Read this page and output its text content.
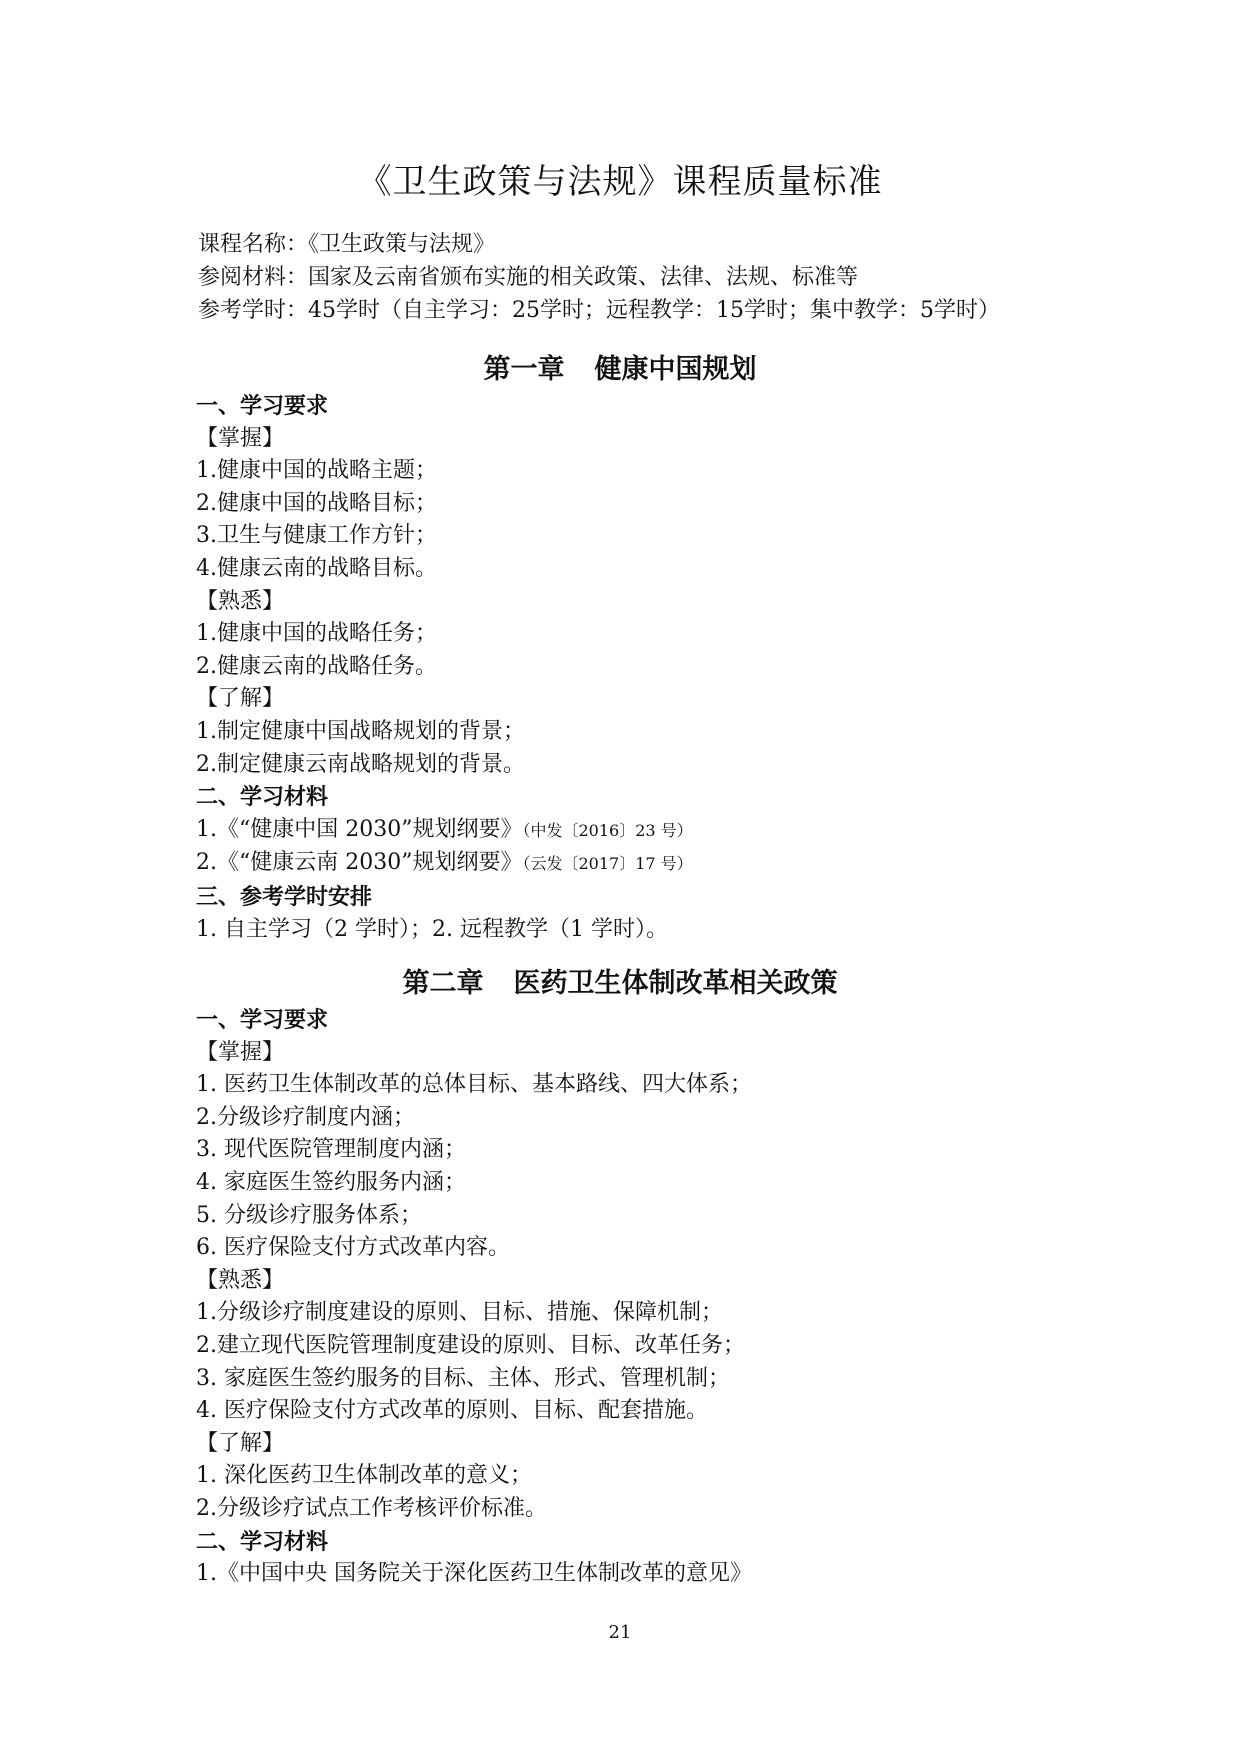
《卫生政策与法规》课程质量标准
课程名称：《卫生政策与法规》
参阅材料：国家及云南省颁布实施的相关政策、法律、法规、标准等
参考学时：45学时（自主学习：25学时；远程教学：15学时；集中教学：5学时）
第一章 健康中国规划
一、学习要求
【掌握】
1.健康中国的战略主题；
2.健康中国的战略目标；
3.卫生与健康工作方针；
4.健康云南的战略目标。
【熟悉】
1.健康中国的战略任务；
2.健康云南的战略任务。
【了解】
1.制定健康中国战略规划的背景；
2.制定健康云南战略规划的背景。
二、学习材料
1.《“健康中国 2030”规划纲要》（中发〔2016〕23 号）
2.《“健康云南 2030”规划纲要》（云发〔2017〕17 号）
三、参考学时安排
1. 自主学习（2 学时）；2. 远程教学（1 学时）。
第二章 医药卫生体制改革相关政策
一、学习要求
【掌握】
1. 医药卫生体制改革的总体目标、基本路线、四大体系；
2.分级诊疗制度内涵；
3. 现代医院管理制度内涵；
4. 家庭医生签约服务内涵；
5. 分级诊疗服务体系；
6. 医疗保险支付方式改革内容。
【熟悉】
1.分级诊疗制度建设的原则、目标、措施、保障机制；
2.建立现代医院管理制度建设的原则、目标、改革任务；
3. 家庭医生签约服务的目标、主体、形式、管理机制；
4. 医疗保险支付方式改革的原则、目标、配套措施。
【了解】
1. 深化医药卫生体制改革的意义；
2.分级诊疗试点工作考核评价标准。
二、学习材料
1.《中国中央 国务院关于深化医药卫生体制改革的意见》
21
